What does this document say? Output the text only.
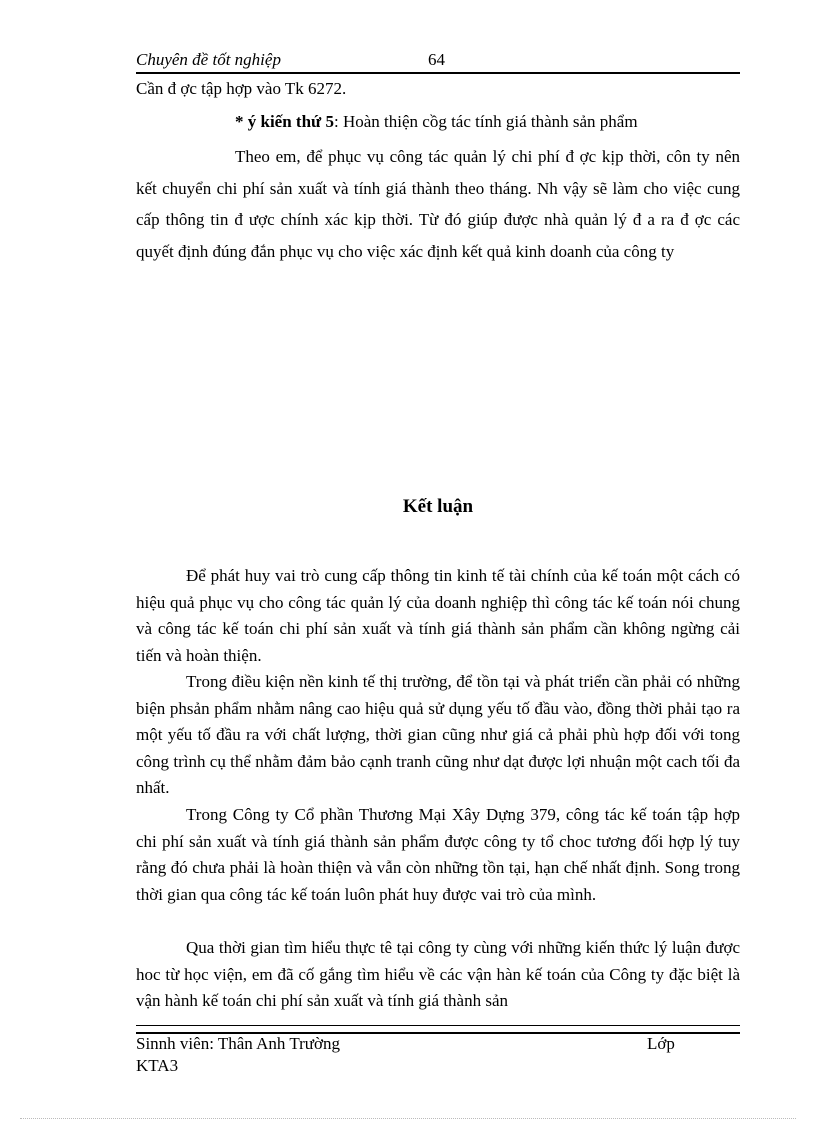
Chuyên đề tốt nghiệp	64

Cần đ ợc tập hợp vào Tk 6272.

* ý kiến thứ 5: Hoàn thiện cồg tác tính giá thành sản phẩm

Theo em, để phục vụ công tác quản lý chi phí đ ợc kịp thời, côn ty nên kết chuyển chi phí sản xuất và tính giá thành theo tháng. Nh vậy sẽ làm cho việc cung cấp thông tin đ ược chính xác kịp thời. Từ đó giúp được nhà quản lý đ a ra đ ợc các quyết định đúng đắn phục vụ cho việc xác định kết quả kinh doanh của công ty

Kết luận

Để phát huy vai trò cung cấp thông tin kinh tế tài chính của kế toán một cách có hiệu quả phục vụ cho công tác quản lý của doanh nghiệp thì công tác kế toán nói chung và công tác kế toán chi phí sản xuất và tính giá thành sản phẩm cần không ngừng cải tiến và hoàn thiện.

Trong điều kiện nền kinh tế thị trường, để tồn tại và phát triển cần phải có những biện phsản phẩm nhằm nâng cao hiệu quả sử dụng yếu tố đầu vào, đồng thời phải tạo ra một yếu tố đầu ra với chất lượng, thời gian cũng như giá cả phải phù hợp đối với tong công trình cụ thể nhằm đảm bảo cạnh tranh cũng như dạt được lợi nhuận một cach tối đa nhất.

Trong Công ty Cổ phần Thương Mại Xây Dựng 379, công tác kế toán tập hợp chi phí sản xuất và tính giá thành sản phẩm được công ty tổ choc tương đối hợp lý tuy rằng đó chưa phải là hoàn thiện và vẫn còn những tồn tại, hạn chế nhất định. Song trong thời gian qua công tác kế toán luôn phát huy được vai trò của mình.

Qua thời gian tìm hiểu thực tê tại công ty cùng với những kiến thức lý luận được hoc từ học viện, em đã cố gắng tìm hiểu về các vận hàn kế toán của Công ty đặc biệt là vận hành kế toán chi phí sản xuất và tính giá thành sản

Sinnh viên: Thân Anh Trường	Lớp
KTA3
